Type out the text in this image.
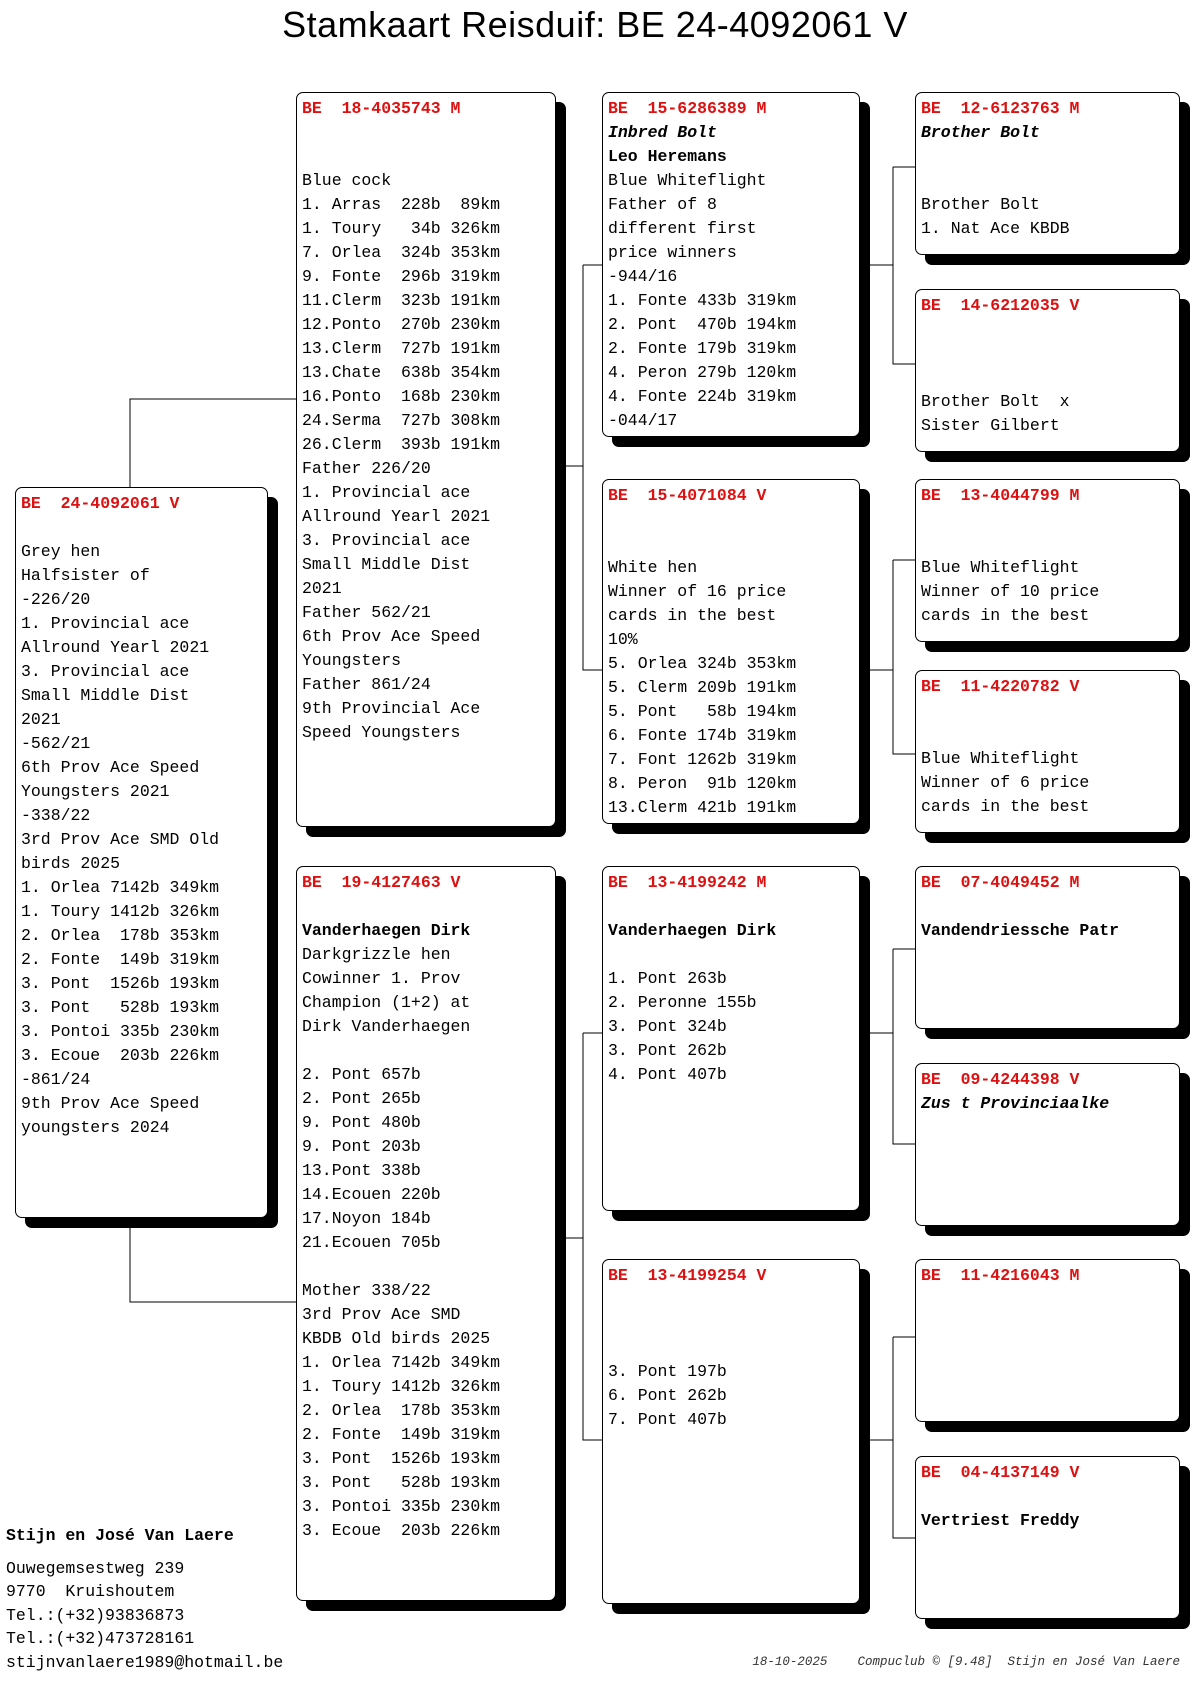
Stamkaart Reisduif: BE 24-4092061 V
BE  24-4092061 V
Grey hen
Halfsister of
-226/20
1. Provincial ace
Allround Yearl 2021
3. Provincial ace
Small Middle Dist
2021
-562/21
6th Prov Ace Speed
Youngsters 2021
-338/22
3rd Prov Ace SMD Old
birds 2025
1. Orlea 7142b 349km
1. Toury 1412b 326km
2. Orlea  178b 353km
2. Fonte  149b 319km
3. Pont  1526b 193km
3. Pont   528b 193km
3. Pontoi 335b 230km
3. Ecoue  203b 226km
-861/24
9th Prov Ace Speed
youngsters 2024
BE  18-4035743 M
Blue cock
1. Arras  228b  89km
1. Toury   34b 326km
7. Orlea  324b 353km
9. Fonte  296b 319km
11.Clerm  323b 191km
12.Ponto  270b 230km
13.Clerm  727b 191km
13.Chate  638b 354km
16.Ponto  168b 230km
24.Serma  727b 308km
26.Clerm  393b 191km
Father 226/20
1. Provincial ace
Allround Yearl 2021
3. Provincial ace
Small Middle Dist
2021
Father 562/21
6th Prov Ace Speed
Youngsters
Father 861/24
9th Provincial Ace
Speed Youngsters
BE  19-4127463 V
Vanderhaegen Dirk
Darkgrizzle hen
Cowinner 1. Prov
Champion (1+2) at
Dirk Vanderhaegen
2. Pont 657b
2. Pont 265b
9. Pont 480b
9. Pont 203b
13.Pont 338b
14.Ecouen 220b
17.Noyon 184b
21.Ecouen 705b
Mother 338/22
3rd Prov Ace SMD
KBDB Old birds 2025
1. Orlea 7142b 349km
1. Toury 1412b 326km
2. Orlea  178b 353km
2. Fonte  149b 319km
3. Pont  1526b 193km
3. Pont   528b 193km
3. Pontoi 335b 230km
3. Ecoue  203b 226km
BE  15-6286389 M
Inbred Bolt
Leo Heremans
Blue Whiteflight
Father of 8
different first
price winners
-944/16
1. Fonte 433b 319km
2. Pont  470b 194km
2. Fonte 179b 319km
4. Peron 279b 120km
4. Fonte 224b 319km
-044/17
BE  15-4071084 V
White hen
Winner of 16 price
cards in the best
10%
5. Orlea 324b 353km
5. Clerm 209b 191km
5. Pont   58b 194km
6. Fonte 174b 319km
7. Font 1262b 319km
8. Peron  91b 120km
13.Clerm 421b 191km
BE  13-4199242 M
Vanderhaegen Dirk
1. Pont 263b
2. Peronne 155b
3. Pont 324b
3. Pont 262b
4. Pont 407b
BE  13-4199254 V
3. Pont 197b
6. Pont 262b
7. Pont 407b
BE  12-6123763 M
Brother Bolt
Brother Bolt
1. Nat Ace KBDB
BE  14-6212035 V
Brother Bolt  x
Sister Gilbert
BE  13-4044799 M
Blue Whiteflight
Winner of 10 price
cards in the best
BE  11-4220782 V
Blue Whiteflight
Winner of 6 price
cards in the best
BE  07-4049452 M
Vandendriessche Patr
BE  09-4244398 V
Zus t Provinciaalke
BE  11-4216043 M
BE  04-4137149 V
Vertriest Freddy

Stijn en José Van Laere
Ouwegemsestweg 239
9770  Kruishoutem
Tel.:(+32)93836873
Tel.:(+32)473728161
stijnvanlaere1989@hotmail.be	18-10-2025    Compuclub © [9.48]  Stijn en José Van Laere
